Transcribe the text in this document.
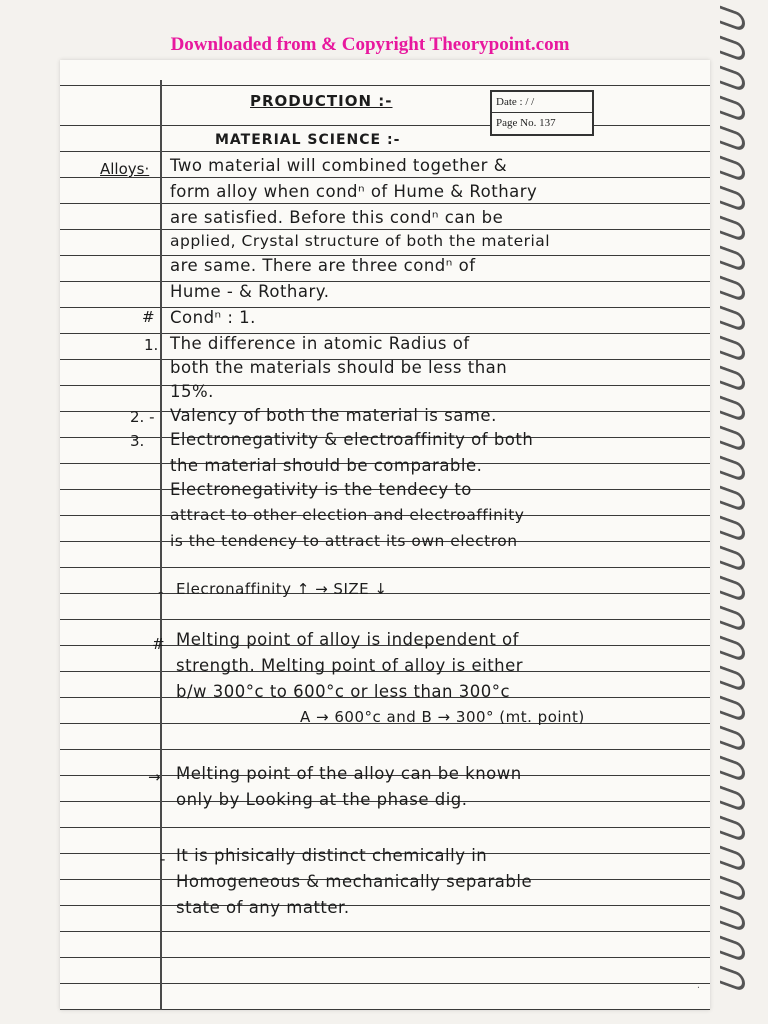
Downloaded from & Copyright Theorypoint.com
PRODUCTION :-	Date : / /
Page No. 137
MATERIAL SCIENCE :-
Alloys·
#
1.
2. -
3.
-
#
→
-
Two material will combined together &
form alloy when condⁿ of Hume & Rothary
are satisfied. Before this condⁿ can be
applied, Crystal structure of both the material
are same. There are three condⁿ of
Hume - & Rothary.
Condⁿ : 1.
The difference in atomic Radius of
both the materials should be less than
15%.
Valency of both the material is same.
Electronegativity & electroaffinity of both
the material should be comparable.
Electronegativity is the tendecy to
attract to other election and electroaffinity
is the tendency to attract its own electron
Elecronaffinity ↑ → SIZE ↓
Melting point of alloy is independent of
strength. Melting point of alloy is either
b/w 300°c to 600°c or less than 300°c
A → 600°c and B → 300° (mt. point)
Melting point of the alloy can be known
only by Looking at the phase dig.
It is phisically distinct chemically in
Homogeneous & mechanically separable
state of any matter.
·
